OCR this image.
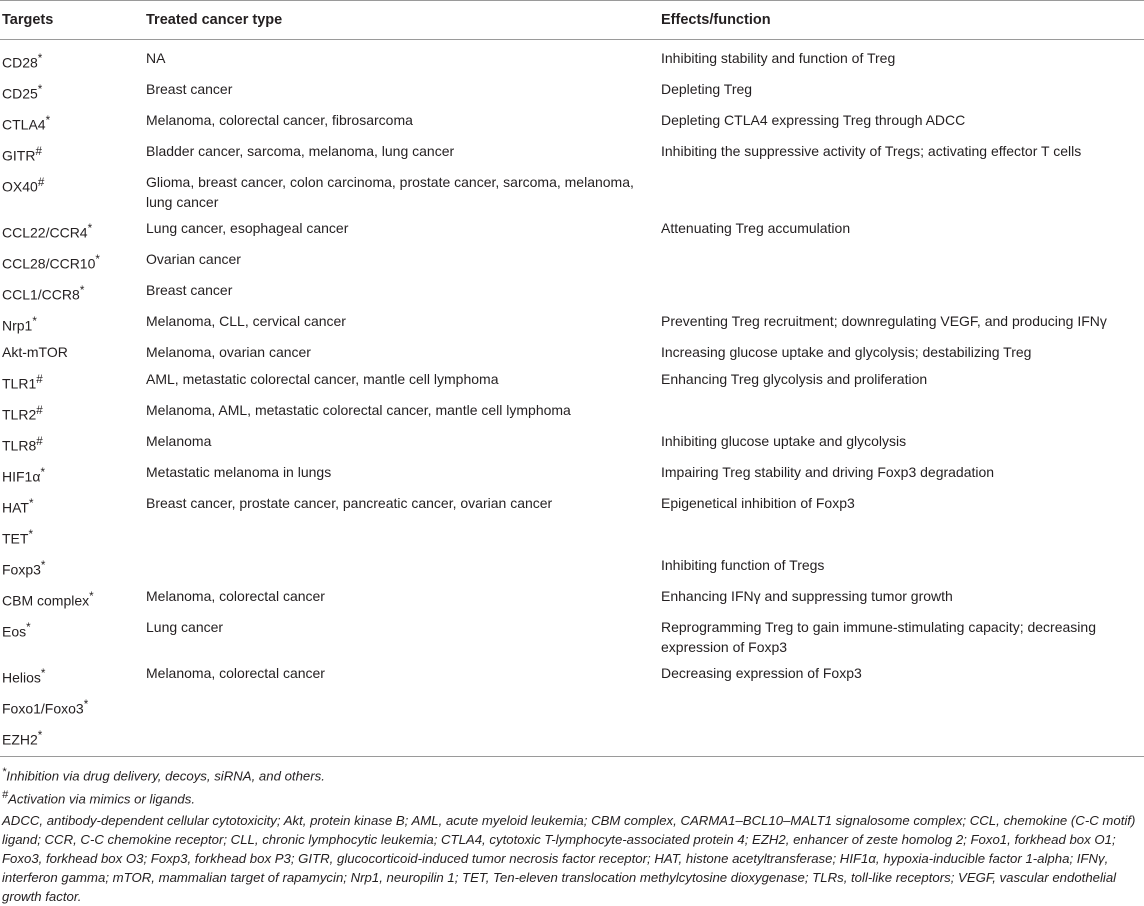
Targets	Treated cancer type	Effects/function
CD28*	NA	Inhibiting stability and function of Treg
CD25*	Breast cancer	Depleting Treg
CTLA4*	Melanoma, colorectal cancer, fibrosarcoma	Depleting CTLA4 expressing Treg through ADCC
GITR#	Bladder cancer, sarcoma, melanoma, lung cancer	Inhibiting the suppressive activity of Tregs; activating effector T cells
OX40#	Glioma, breast cancer, colon carcinoma, prostate cancer, sarcoma, melanoma, lung cancer	
CCL22/CCR4*	Lung cancer, esophageal cancer	Attenuating Treg accumulation
CCL28/CCR10*	Ovarian cancer	
CCL1/CCR8*	Breast cancer	
Nrp1*	Melanoma, CLL, cervical cancer	Preventing Treg recruitment; downregulating VEGF, and producing IFNγ
Akt-mTOR	Melanoma, ovarian cancer	Increasing glucose uptake and glycolysis; destabilizing Treg
TLR1#	AML, metastatic colorectal cancer, mantle cell lymphoma	Enhancing Treg glycolysis and proliferation
TLR2#	Melanoma, AML, metastatic colorectal cancer, mantle cell lymphoma	
TLR8#	Melanoma	Inhibiting glucose uptake and glycolysis
HIF1α*	Metastatic melanoma in lungs	Impairing Treg stability and driving Foxp3 degradation
HAT*	Breast cancer, prostate cancer, pancreatic cancer, ovarian cancer	Epigenetical inhibition of Foxp3
TET*		
Foxp3*		Inhibiting function of Tregs
CBM complex*	Melanoma, colorectal cancer	Enhancing IFNγ and suppressing tumor growth
Eos*	Lung cancer	Reprogramming Treg to gain immune-stimulating capacity; decreasing expression of Foxp3
Helios*	Melanoma, colorectal cancer	Decreasing expression of Foxp3
Foxo1/Foxo3*		
EZH2*		

*Inhibition via drug delivery, decoys, siRNA, and others.

#Activation via mimics or ligands.

ADCC, antibody-dependent cellular cytotoxicity; Akt, protein kinase B; AML, acute myeloid leukemia; CBM complex, CARMA1–BCL10–MALT1 signalosome complex; CCL, chemokine (C-C motif) ligand; CCR, C-C chemokine receptor; CLL, chronic lymphocytic leukemia; CTLA4, cytotoxic T-lymphocyte-associated protein 4; EZH2, enhancer of zeste homolog 2; Foxo1, forkhead box O1; Foxo3, forkhead box O3; Foxp3, forkhead box P3; GITR, glucocorticoid-induced tumor necrosis factor receptor; HAT, histone acetyltransferase; HIF1α, hypoxia-inducible factor 1-alpha; IFNγ, interferon gamma; mTOR, mammalian target of rapamycin; Nrp1, neuropilin 1; TET, Ten-eleven translocation methylcytosine dioxygenase; TLRs, toll-like receptors; VEGF, vascular endothelial growth factor.
